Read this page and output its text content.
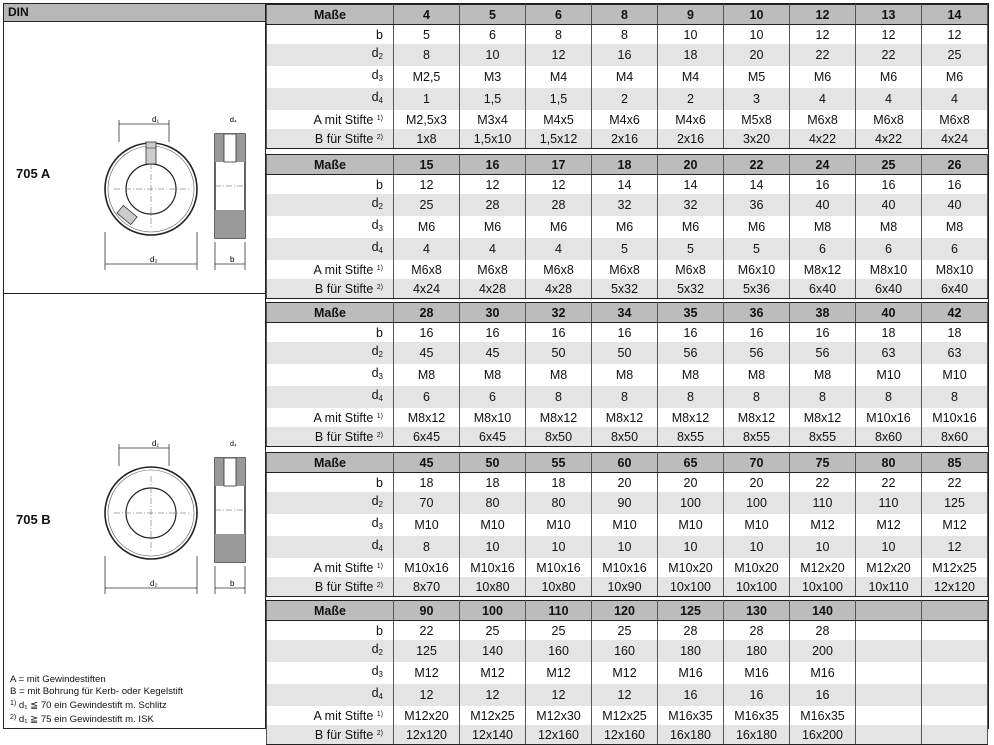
DIN
705 A
d₁
d₂
d₄
b
705 B
d₁
d₂
d₄
b
A = mit Gewindestiften
B = mit Bohrung für Kerb- oder Kegelstift
$^{1)}$ d₁ ≦ 70 ein Gewindestift m. Schlitz
$^{2)}$ d₁ ≧ 75 ein Gewindestift m. ISK
Maße	4	5	6	8	9	10	12	13	14
b	5	6	8	8	10	10	12	12	12
$d_2$	8	10	12	16	18	20	22	22	25
$d_3$	M2,5	M3	M4	M4	M4	M5	M6	M6	M6
$d_4$	1	1,5	1,5	2	2	3	4	4	4
A mit Stifte $^{1)}$	M2,5x3	M3x4	M4x5	M4x6	M4x6	M5x8	M6x8	M6x8	M6x8
B für Stifte $^{2)}$	1x8	1,5x10	1,5x12	2x16	2x16	3x20	4x22	4x22	4x24
Maße	15	16	17	18	20	22	24	25	26
b	12	12	12	14	14	14	16	16	16
$d_2$	25	28	28	32	32	36	40	40	40
$d_3$	M6	M6	M6	M6	M6	M6	M8	M8	M8
$d_4$	4	4	4	5	5	5	6	6	6
A mit Stifte $^{1)}$	M6x8	M6x8	M6x8	M6x8	M6x8	M6x10	M8x12	M8x10	M8x10
B für Stifte $^{2)}$	4x24	4x28	4x28	5x32	5x32	5x36	6x40	6x40	6x40
Maße	28	30	32	34	35	36	38	40	42
b	16	16	16	16	16	16	16	18	18
$d_2$	45	45	50	50	56	56	56	63	63
$d_3$	M8	M8	M8	M8	M8	M8	M8	M10	M10
$d_4$	6	6	8	8	8	8	8	8	8
A mit Stifte $^{1)}$	M8x12	M8x10	M8x12	M8x12	M8x12	M8x12	M8x12	M10x16	M10x16
B für Stifte $^{2)}$	6x45	6x45	8x50	8x50	8x55	8x55	8x55	8x60	8x60
Maße	45	50	55	60	65	70	75	80	85
b	18	18	18	20	20	20	22	22	22
$d_2$	70	80	80	90	100	100	110	110	125
$d_3$	M10	M10	M10	M10	M10	M10	M12	M12	M12
$d_4$	8	10	10	10	10	10	10	10	12
A mit Stifte $^{1)}$	M10x16	M10x16	M10x16	M10x16	M10x20	M10x20	M12x20	M12x20	M12x25
B für Stifte $^{2)}$	8x70	10x80	10x80	10x90	10x100	10x100	10x100	10x110	12x120
Maße	90	100	110	120	125	130	140		
b	22	25	25	25	28	28	28		
$d_2$	125	140	160	160	180	180	200		
$d_3$	M12	M12	M12	M12	M16	M16	M16		
$d_4$	12	12	12	12	16	16	16		
A mit Stifte $^{1)}$	M12x20	M12x25	M12x30	M12x25	M16x35	M16x35	M16x35		
B für Stifte $^{2)}$	12x120	12x140	12x160	12x160	16x180	16x180	16x200		
